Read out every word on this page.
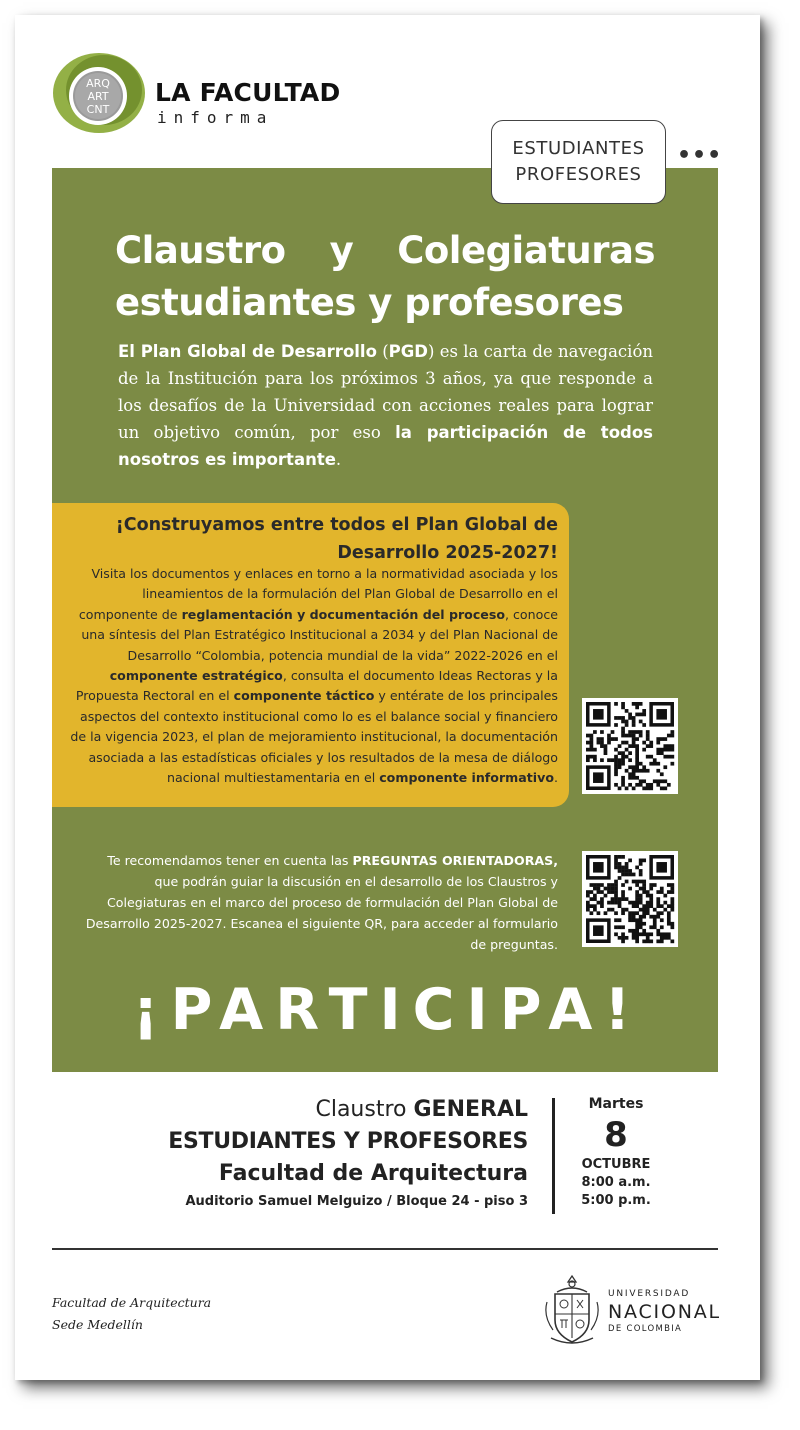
ARQ
ART
CNT
LA FACULTAD
informa
ESTUDIANTES
PROFESORES
•••
Claustro y Colegiaturas
estudiantes y profesores
El Plan Global de Desarrollo (PGD) es la carta de navegación de la Institución para los próximos 3 años, ya que responde a los desafíos de la Universidad con acciones reales para lograr un objetivo común, por eso la participación de todos nosotros es importante.
¡Construyamos entre todos el Plan Global de Desarrollo 2025-2027!
Visita los documentos y enlaces en torno a la normatividad asociada y los lineamientos de la formulación del Plan Global de Desarrollo en el componente de reglamentación y documentación del proceso, conoce una síntesis del Plan Estratégico Institucional a 2034 y del Plan Nacional de Desarrollo “Colombia, potencia mundial de la vida” 2022-2026 en el componente estratégico, consulta el documento Ideas Rectoras y la Propuesta Rectoral en el componente táctico y entérate de los principales aspectos del contexto institucional como lo es el balance social y financiero de la vigencia 2023, el plan de mejoramiento institucional, la documentación asociada a las estadísticas oficiales y los resultados de la mesa de diálogo nacional multiestamentaria en el componente informativo.
Te recomendamos tener en cuenta las PREGUNTAS ORIENTADORAS, que podrán guiar la discusión en el desarrollo de los Claustros y Colegiaturas en el marco del proceso de formulación del Plan Global de Desarrollo 2025-2027. Escanea el siguiente QR, para acceder al formulario de preguntas.
¡PARTICIPA!
Claustro GENERAL
ESTUDIANTES Y PROFESORES
Facultad de Arquitectura
Auditorio Samuel Melguizo / Bloque 24 - piso 3
Martes
8
OCTUBRE
8:00 a.m.
5:00 p.m.
Facultad de Arquitectura
Sede Medellín
UNIVERSIDAD
NACIONAL
DE COLOMBIA
